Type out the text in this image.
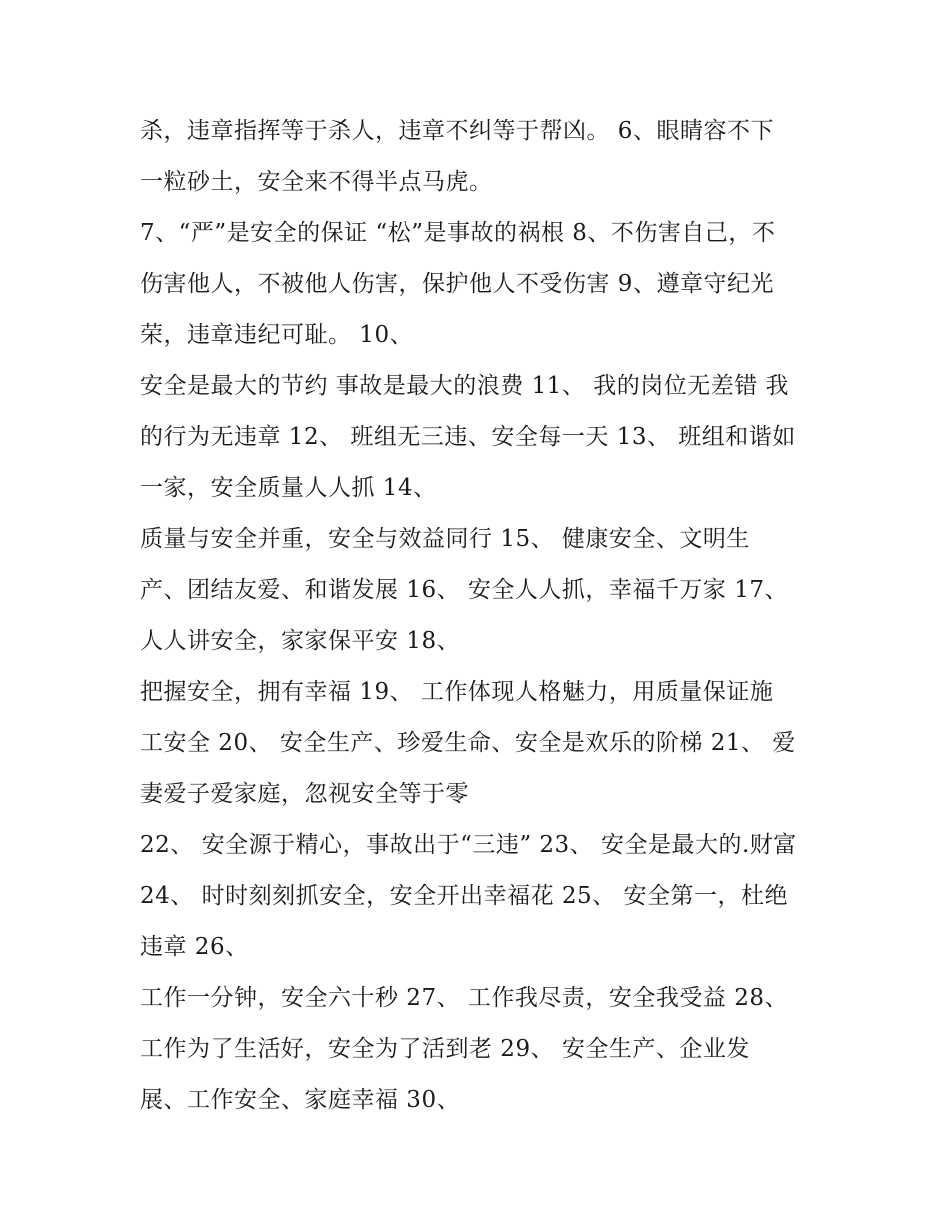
杀，违章指挥等于杀人，违章不纠等于帮凶。 6、眼睛容不下
一粒砂土，安全来不得半点马虎。
7、“严”是安全的保证 “松”是事故的祸根 8、不伤害自己，不
伤害他人，不被他人伤害，保护他人不受伤害 9、遵章守纪光
荣，违章违纪可耻。 10、
安全是最大的节约 事故是最大的浪费 11、 我的岗位无差错 我
的行为无违章 12、 班组无三违、安全每一天 13、 班组和谐如
一家，安全质量人人抓 14、
质量与安全并重，安全与效益同行 15、 健康安全、文明生
产、团结友爱、和谐发展 16、 安全人人抓，幸福千万家 17、
人人讲安全，家家保平安 18、
把握安全，拥有幸福 19、 工作体现人格魅力，用质量保证施
工安全 20、 安全生产、珍爱生命、安全是欢乐的阶梯 21、 爱
妻爱子爱家庭，忽视安全等于零
22、 安全源于精心，事故出于“三违” 23、 安全是最大的.财富
24、 时时刻刻抓安全，安全开出幸福花 25、 安全第一，杜绝
违章 26、
工作一分钟，安全六十秒 27、 工作我尽责，安全我受益 28、
工作为了生活好，安全为了活到老 29、 安全生产、企业发
展、工作安全、家庭幸福 30、
